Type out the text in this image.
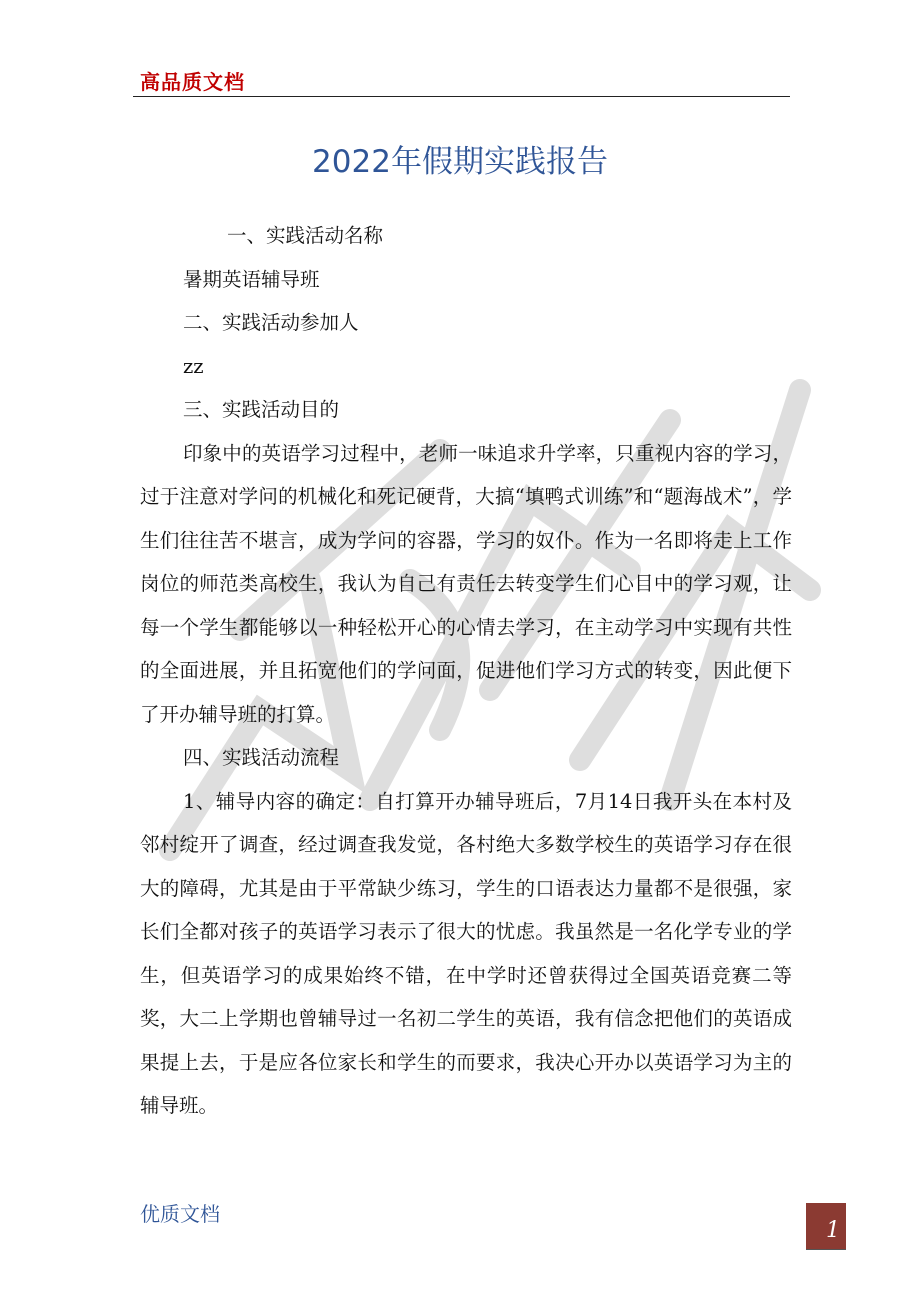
高品质文档
2022年假期实践报告

一、实践活动名称

暑期英语辅导班

二、实践活动参加人

zz

三、实践活动目的

印象中的英语学习过程中，老师一味追求升学率，只重视内容的学习，过于注意对学问的机械化和死记硬背，大搞“填鸭式训练”和“题海战术”，学生们往往苦不堪言，成为学问的容器，学习的奴仆。作为一名即将走上工作岗位的师范类高校生，我认为自己有责任去转变学生们心目中的学习观，让每一个学生都能够以一种轻松开心的心情去学习，在主动学习中实现有共性的全面进展，并且拓宽他们的学问面，促进他们学习方式的转变，因此便下了开办辅导班的打算。

四、实践活动流程

1、辅导内容的确定：自打算开办辅导班后，7月14日我开头在本村及邻村绽开了调查，经过调查我发觉，各村绝大多数学校生的英语学习存在很大的障碍，尤其是由于平常缺少练习，学生的口语表达力量都不是很强，家长们全都对孩子的英语学习表示了很大的忧虑。我虽然是一名化学专业的学生，但英语学习的成果始终不错，在中学时还曾获得过全国英语竞赛二等奖，大二上学期也曾辅导过一名初二学生的英语，我有信念把他们的英语成果提上去，于是应各位家长和学生的而要求，我决心开办以英语学习为主的辅导班。

优质文档
1
